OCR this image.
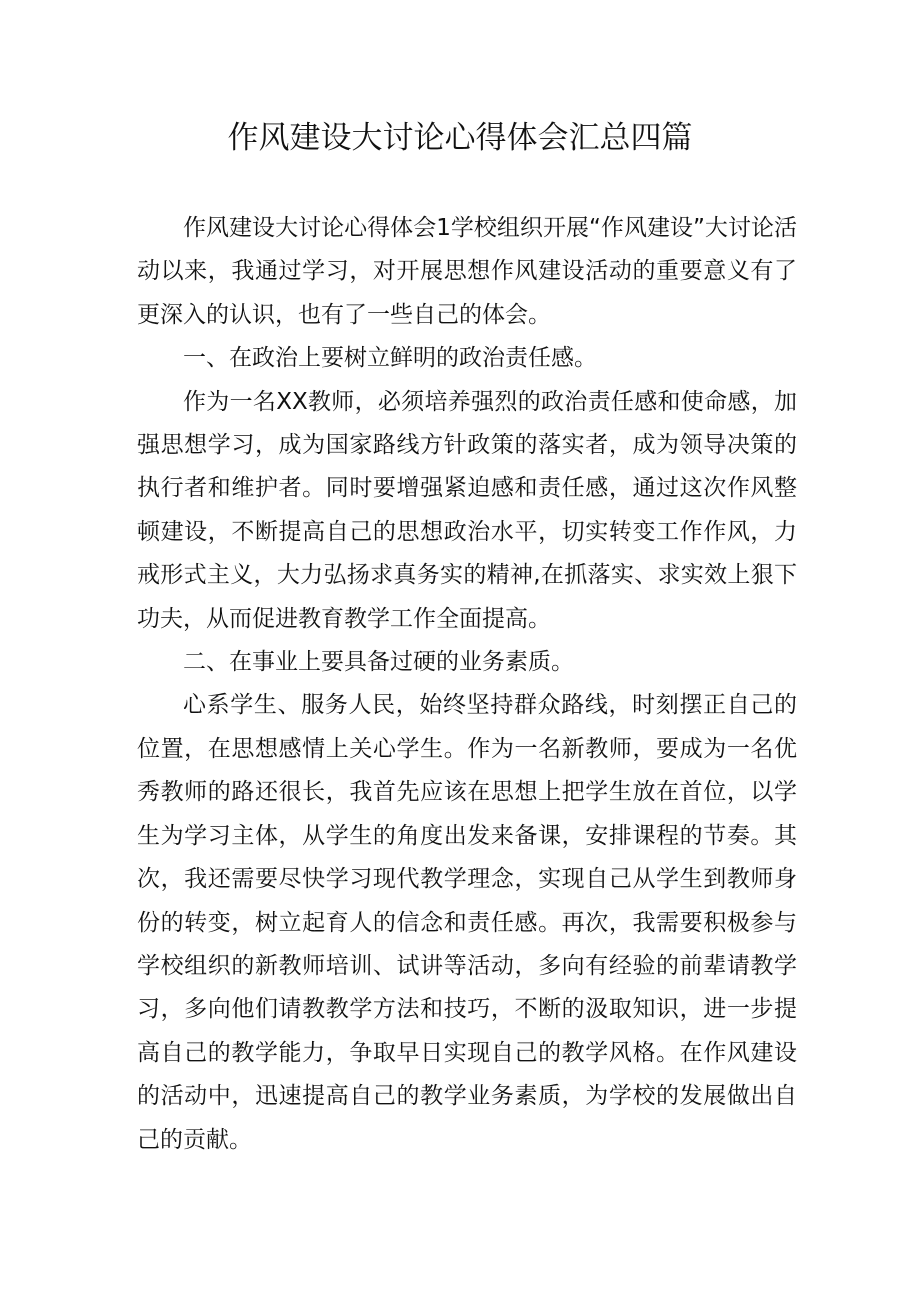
作风建设大讨论心得体会汇总四篇

作风建设大讨论心得体会1学校组织开展“作风建设”大讨论活动以来，我通过学习，对开展思想作风建设活动的重要意义有了更深入的认识，也有了一些自己的体会。

一、在政治上要树立鲜明的政治责任感。

作为一名XX教师，必须培养强烈的政治责任感和使命感，加强思想学习，成为国家路线方针政策的落实者，成为领导决策的执行者和维护者。同时要增强紧迫感和责任感，通过这次作风整顿建设，不断提高自己的思想政治水平，切实转变工作作风，力戒形式主义，大力弘扬求真务实的精神,在抓落实、求实效上狠下功夫，从而促进教育教学工作全面提高。

二、在事业上要具备过硬的业务素质。

心系学生、服务人民，始终坚持群众路线，时刻摆正自己的位置，在思想感情上关心学生。作为一名新教师，要成为一名优秀教师的路还很长，我首先应该在思想上把学生放在首位，以学生为学习主体，从学生的角度出发来备课，安排课程的节奏。其次，我还需要尽快学习现代教学理念，实现自己从学生到教师身份的转变，树立起育人的信念和责任感。再次，我需要积极参与学校组织的新教师培训、试讲等活动，多向有经验的前辈请教学习，多向他们请教教学方法和技巧，不断的汲取知识，进一步提高自己的教学能力，争取早日实现自己的教学风格。在作风建设的活动中，迅速提高自己的教学业务素质，为学校的发展做出自己的贡献。
